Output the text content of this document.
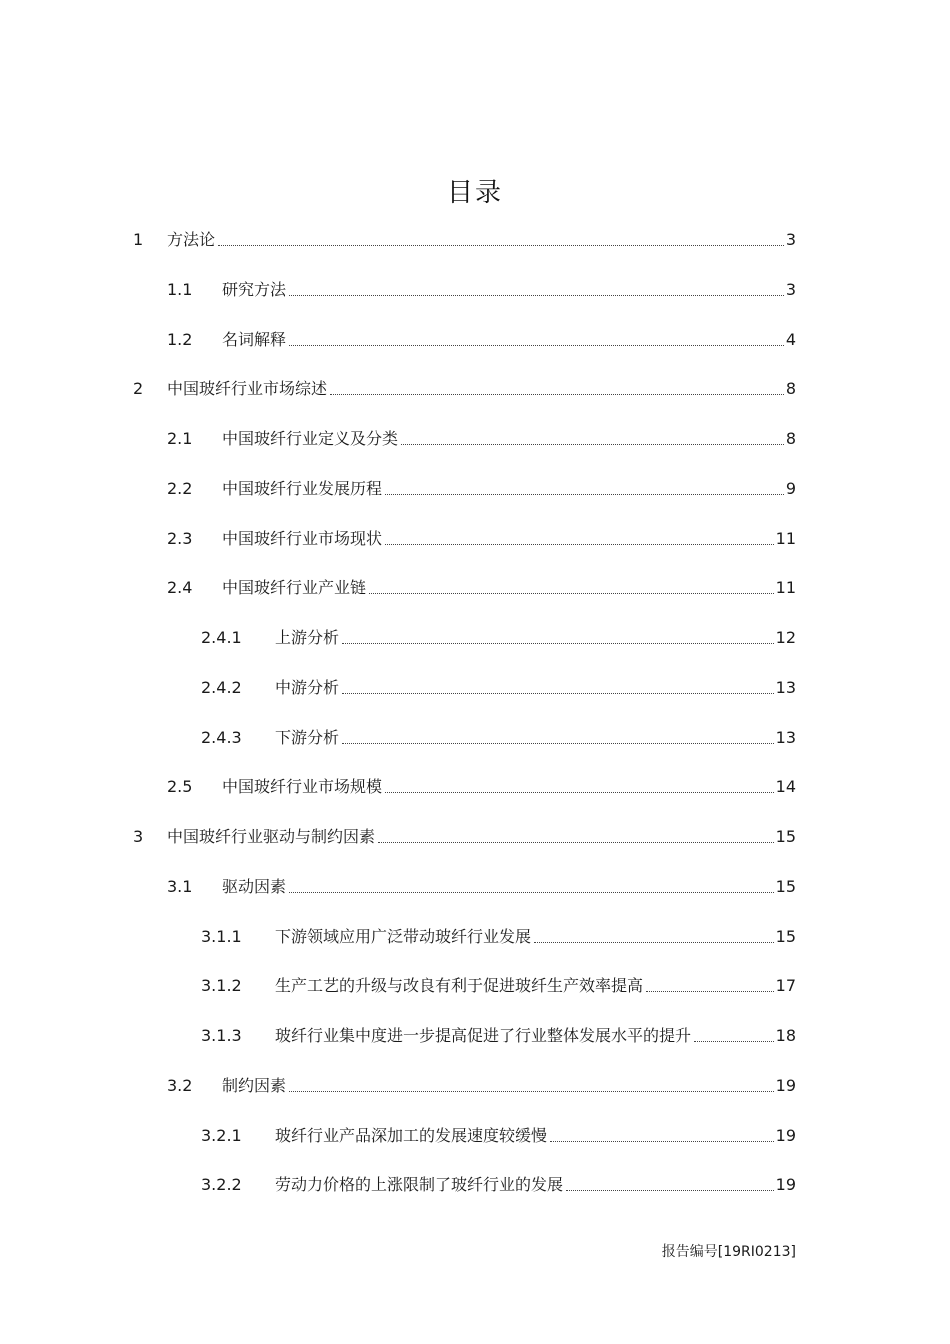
目录
1	方法论	3
1.1	研究方法	3
1.2	名词解释	4
2	中国玻纤行业市场综述	8
2.1	中国玻纤行业定义及分类	8
2.2	中国玻纤行业发展历程	9
2.3	中国玻纤行业市场现状	11
2.4	中国玻纤行业产业链	11
2.4.1	上游分析	12
2.4.2	中游分析	13
2.4.3	下游分析	13
2.5	中国玻纤行业市场规模	14
3	中国玻纤行业驱动与制约因素	15
3.1	驱动因素	15
3.1.1	下游领域应用广泛带动玻纤行业发展	15
3.1.2	生产工艺的升级与改良有利于促进玻纤生产效率提高	17
3.1.3	玻纤行业集中度进一步提高促进了行业整体发展水平的提升	18
3.2	制约因素	19
3.2.1	玻纤行业产品深加工的发展速度较缓慢	19
3.2.2	劳动力价格的上涨限制了玻纤行业的发展	19
报告编号[19RI0213]
